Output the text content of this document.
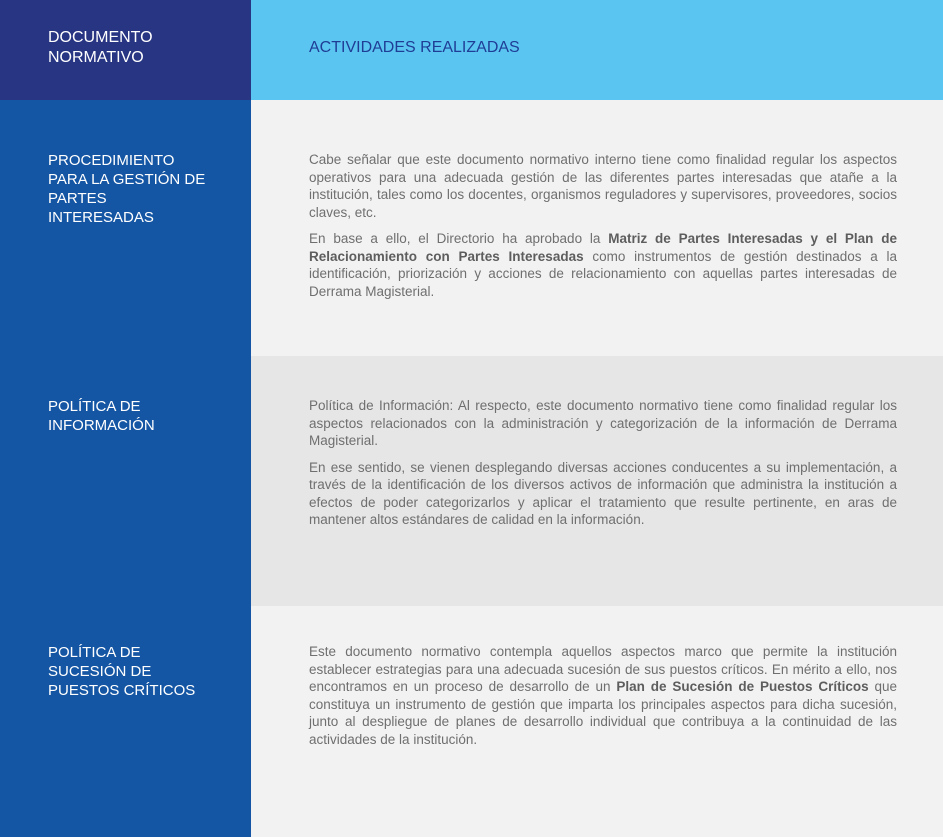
DOCUMENTO
NORMATIVO
ACTIVIDADES REALIZADAS
PROCEDIMIENTO
PARA LA GESTIÓN DE
PARTES
INTERESADAS

Cabe señalar que este documento normativo interno tiene como finalidad regular los aspectos operativos para una adecuada gestión de las diferentes partes interesadas que atañe a la institución, tales como los docentes, organismos reguladores y supervisores, proveedores, socios claves, etc.

En base a ello, el Directorio ha aprobado la Matriz de Partes Interesadas y el Plan de Relacionamiento con Partes Interesadas como instrumentos de gestión destinados a la identificación, priorización y acciones de relacionamiento con aquellas partes interesadas de Derrama Magisterial.

POLÍTICA DE
INFORMACIÓN

Política de Información: Al respecto, este documento normativo tiene como finalidad regular los aspectos relacionados con la administración y categorización de la información de Derrama Magisterial.

En ese sentido, se vienen desplegando diversas acciones conducentes a su implementación, a través de la identificación de los diversos activos de información que administra la institución a efectos de poder categorizarlos y aplicar el tratamiento que resulte pertinente, en aras de mantener altos estándares de calidad en la información.

POLÍTICA DE
SUCESIÓN DE
PUESTOS CRÍTICOS

Este documento normativo contempla aquellos aspectos marco que permite la institución establecer estrategias para una adecuada sucesión de sus puestos críticos. En mérito a ello, nos encontramos en un proceso de desarrollo de un Plan de Sucesión de Puestos Críticos que constituya un instrumento de gestión que imparta los principales aspectos para dicha sucesión, junto al despliegue de planes de desarrollo individual que contribuya a la continuidad de las actividades de la institución.
